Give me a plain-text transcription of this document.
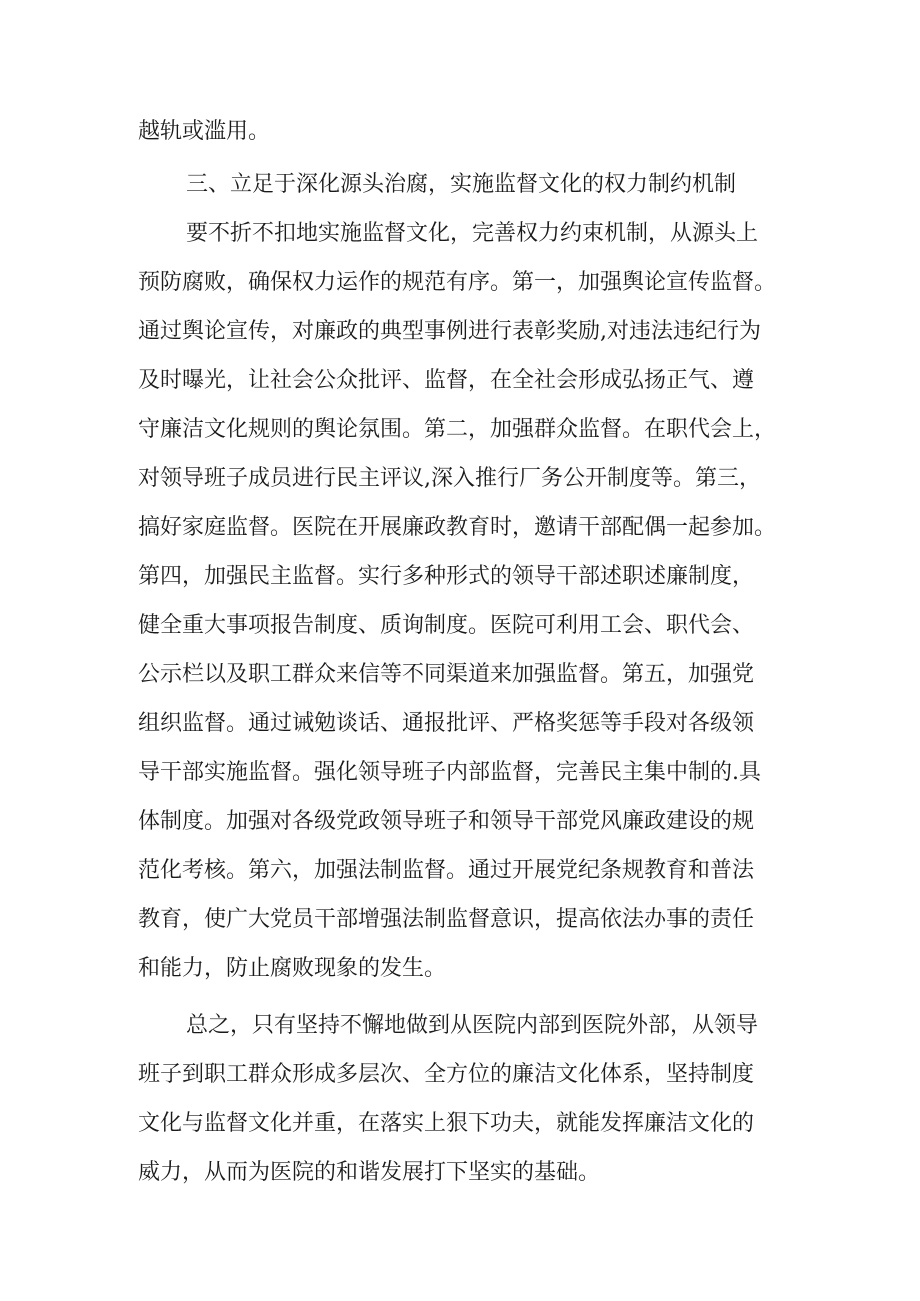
越轨或滥用。
三、立足于深化源头治腐，实施监督文化的权力制约机制
要不折不扣地实施监督文化，完善权力约束机制，从源头上
预防腐败，确保权力运作的规范有序。第一，加强舆论宣传监督。
通过舆论宣传，对廉政的典型事例进行表彰奖励,对违法违纪行为
及时曝光，让社会公众批评、监督，在全社会形成弘扬正气、遵
守廉洁文化规则的舆论氛围。第二，加强群众监督。在职代会上，
对领导班子成员进行民主评议,深入推行厂务公开制度等。第三，
搞好家庭监督。医院在开展廉政教育时，邀请干部配偶一起参加。
第四，加强民主监督。实行多种形式的领导干部述职述廉制度，
健全重大事项报告制度、质询制度。医院可利用工会、职代会、
公示栏以及职工群众来信等不同渠道来加强监督。第五，加强党
组织监督。通过诫勉谈话、通报批评、严格奖惩等手段对各级领
导干部实施监督。强化领导班子内部监督，完善民主集中制的.具
体制度。加强对各级党政领导班子和领导干部党风廉政建设的规
范化考核。第六，加强法制监督。通过开展党纪条规教育和普法
教育，使广大党员干部增强法制监督意识，提高依法办事的责任
和能力，防止腐败现象的发生。
总之，只有坚持不懈地做到从医院内部到医院外部，从领导
班子到职工群众形成多层次、全方位的廉洁文化体系，坚持制度
文化与监督文化并重，在落实上狠下功夫，就能发挥廉洁文化的
威力，从而为医院的和谐发展打下坚实的基础。
